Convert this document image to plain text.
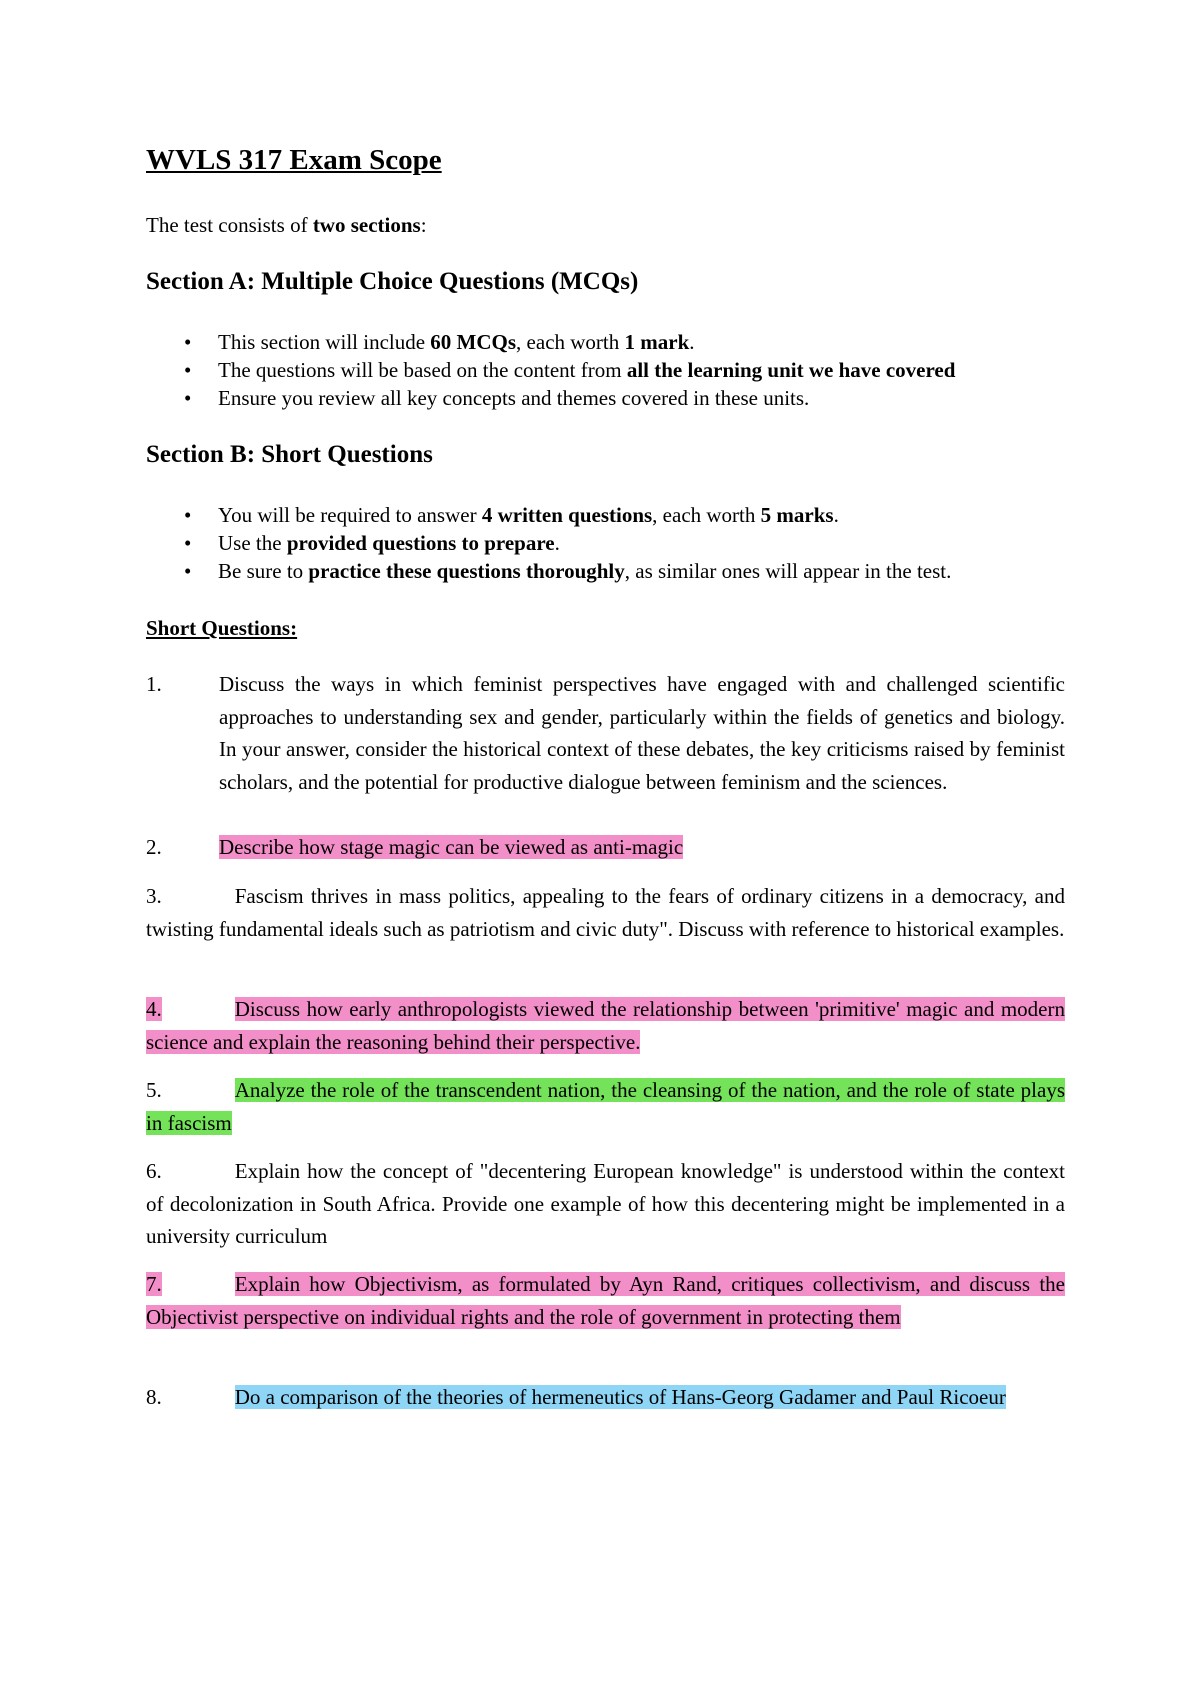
WVLS 317 Exam Scope

The test consists of two sections:

Section A: Multiple Choice Questions (MCQs)
• This section will include 60 MCQs, each worth 1 mark.
• The questions will be based on the content from all the learning unit we have covered
• Ensure you review all key concepts and themes covered in these units.
Section B: Short Questions
• You will be required to answer 4 written questions, each worth 5 marks.
• Use the provided questions to prepare.
• Be sure to practice these questions thoroughly, as similar ones will appear in the test.

Short Questions:

1.	Discuss the ways in which feminist perspectives have engaged with and challenged scientific approaches to understanding sex and gender, particularly within the fields of genetics and biology. In your answer, consider the historical context of these debates, the key criticisms raised by feminist scholars, and the potential for productive dialogue between feminism and the sciences.

2.	Describe how stage magic can be viewed as anti-magic

3.	Fascism thrives in mass politics, appealing to the fears of ordinary citizens in a democracy, and twisting fundamental ideals such as patriotism and civic duty". Discuss with reference to historical examples.

4.	Discuss how early anthropologists viewed the relationship between 'primitive' magic and modern science and explain the reasoning behind their perspective.

5.	Analyze the role of the transcendent nation, the cleansing of the nation, and the role of state plays in fascism

6.	Explain how the concept of "decentering European knowledge" is understood within the context of decolonization in South Africa. Provide one example of how this decentering might be implemented in a university curriculum

7.	Explain how Objectivism, as formulated by Ayn Rand, critiques collectivism, and discuss the Objectivist perspective on individual rights and the role of government in protecting them

8.	Do a comparison of the theories of hermeneutics of Hans-Georg Gadamer and Paul Ricoeur
